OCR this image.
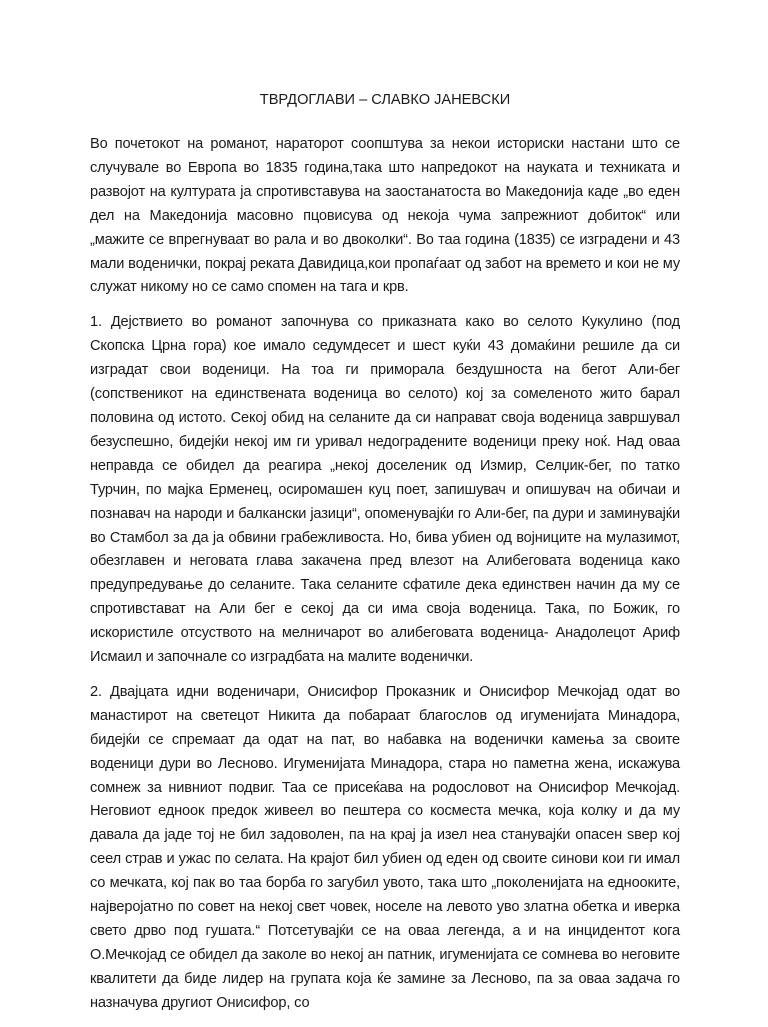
ТВРДОГЛАВИ – СЛАВКО ЈАНЕВСКИ

Во почетокот на романот, нараторот соопштува за некои историски настани што се случувале во Европа во 1835 година,така што напредокот на науката и техниката и развојот на културата ја спротивставува на заостанатоста во Македонија каде „во еден дел на Македонија масовно пцовисува од некоја чума запрежниот добиток“ или „мажите се впрегнуваат во рала и во двоколки“. Во таа година (1835) се изградени и 43 мали воденички, покрај реката Давидица,кои пропаѓаат од забот на времето и кои не му служат никому но се само спомен на тага и крв.

1. Дејствието во романот започнува со приказната како во селото Кукулино (под Скопска Црна гора) кое имало седумдесет и шест куќи 43 домаќини решиле да си изградат свои воденици. На тоа ги приморала бездушноста на бегот Али-бег (сопственикот на единствената воденица во селото) кој за сомеленото жито барал половина од истото. Секој обид на селаните да си направат своја воденица завршувал безуспешно, бидејќи некој им ги уривал недоградените воденици преку ноќ. Над оваа неправда се обидел да реагира „некој доселеник од Измир, Селџик-бег, по татко Турчин, по мајка Ерменец, осиромашен куц поет, запишувач и опишувач на обичаи и познавач на народи и балкански јазици“, опоменувајќи го Али-бег, па дури и заминувајќи во Стамбол за да ја обвини грабежливоста. Но, бива убиен од војниците на мулазимот, обезглавен и неговата глава закачена пред влезот на Алибеговата воденица како предупредување до селаните. Така селаните сфатиле дека единствен начин да му се спротивстават на Али бег е секој да си има своја воденица. Така, по Божик, го искористиле отсуството на мелничарот во алибеговата воденица- Анадолецот Ариф Исмаил и започнале со изградбата на малите воденички.

2. Двајцата идни воденичари, Онисифор Проказник и Онисифор Мечкојад одат во манастирот на светецот Никита да побараат благослов од игуменијата Минадора, бидејќи се спремаат да одат на пат, во набавка на воденички камења за своите воденици дури во Лесново. Игуменијата Минадора, стара но паметна жена, искажува сомнеж за нивниот подвиг. Таа се присеќава на родословот на Онисифор Мечкојад. Неговиот едноок предок живеел во пештера со косместа мечка, која колку и да му давала да јаде тој не бил задоволен, па на крај ја изел неа станувајќи опасен ѕвер кој сеел страв и ужас по селата. На крајот бил убиен од еден од своите синови кои ги имал со мечката, кој пак во таа борба го загубил увото, така што „поколенијата на еднооките, најверојатно по совет на некој свет човек, носеле на левото уво златна обетка и иверка свето дрво под гушата.“ Потсетувајќи се на оваа легенда, а и на инцидентот кога О.Мечкојад се обидел да заколе во некој ан патник, игуменијата се сомнева во неговите квалитети да биде лидер на групата која ќе замине за Лесново, па за оваа задача го назначува другиот Онисифор, со
